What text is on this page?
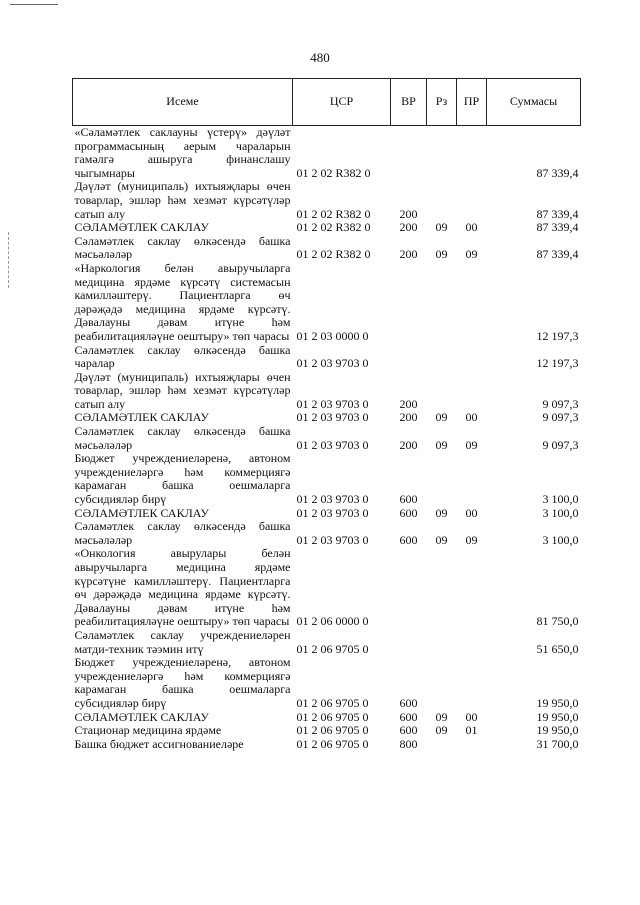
480
Исеме	ЦСР	ВР	Рз	ПР	Суммасы
«Сәламәтлек саклауны үстерү» дәүләт программасының аерым чараларын гамәлгә ашыруга финанслашу чыгымнары	01 2 02 R382 0				87 339,4
Дәүләт (муниципаль) ихтыяҗлары өчен товарлар, эшләр һәм хезмәт күрсәтүләр сатып алу	01 2 02 R382 0	200			87 339,4
СӘЛАМӘТЛЕК САКЛАУ	01 2 02 R382 0	200	09	00	87 339,4
Сәламәтлек саклау өлкәсендә башка мәсьәләләр	01 2 02 R382 0	200	09	09	87 339,4
«Наркология белән авыручыларга медицина ярдәме күрсәтү системасын камилләштерү. Пациентларга өч дәрәҗәдә медицина ярдәме күрсәтү. Дәвалауны дәвам итүне һәм реабилитацияләүне оештыру» төп чарасы	01 2 03 0000 0				12 197,3
Сәламәтлек саклау өлкәсендә башка чаралар	01 2 03 9703 0				12 197,3
Дәүләт (муниципаль) ихтыяҗлары өчен товарлар, эшләр һәм хезмәт күрсәтүләр сатып алу	01 2 03 9703 0	200			9 097,3
СӘЛАМӘТЛЕК САКЛАУ	01 2 03 9703 0	200	09	00	9 097,3
Сәламәтлек саклау өлкәсендә башка мәсьәләләр	01 2 03 9703 0	200	09	09	9 097,3
Бюджет учреждениеләренә, автоном учреждениеләргә һәм коммерциягә карамаган башка оешмаларга субсидияләр бирү	01 2 03 9703 0	600			3 100,0
СӘЛАМӘТЛЕК САКЛАУ	01 2 03 9703 0	600	09	00	3 100,0
Сәламәтлек саклау өлкәсендә башка мәсьәләләр	01 2 03 9703 0	600	09	09	3 100,0
«Онкология авырулары белән авыручыларга медицина ярдәме күрсәтүне камилләштерү. Пациентларга өч дәрәҗәдә медицина ярдәме күрсәтү. Дәвалауны дәвам итүне һәм реабилитацияләүне оештыру» төп чарасы	01 2 06 0000 0				81 750,0
Сәламәтлек саклау учреждениеләрен матди-техник тәэмин итү	01 2 06 9705 0				51 650,0
Бюджет учреждениеләренә, автоном учреждениеләргә һәм коммерциягә карамаган башка оешмаларга субсидияләр бирү	01 2 06 9705 0	600			19 950,0
СӘЛАМӘТЛЕК САКЛАУ	01 2 06 9705 0	600	09	00	19 950,0
Стационар медицина ярдәме	01 2 06 9705 0	600	09	01	19 950,0
Башка бюджет ассигнованиеләре	01 2 06 9705 0	800			31 700,0
